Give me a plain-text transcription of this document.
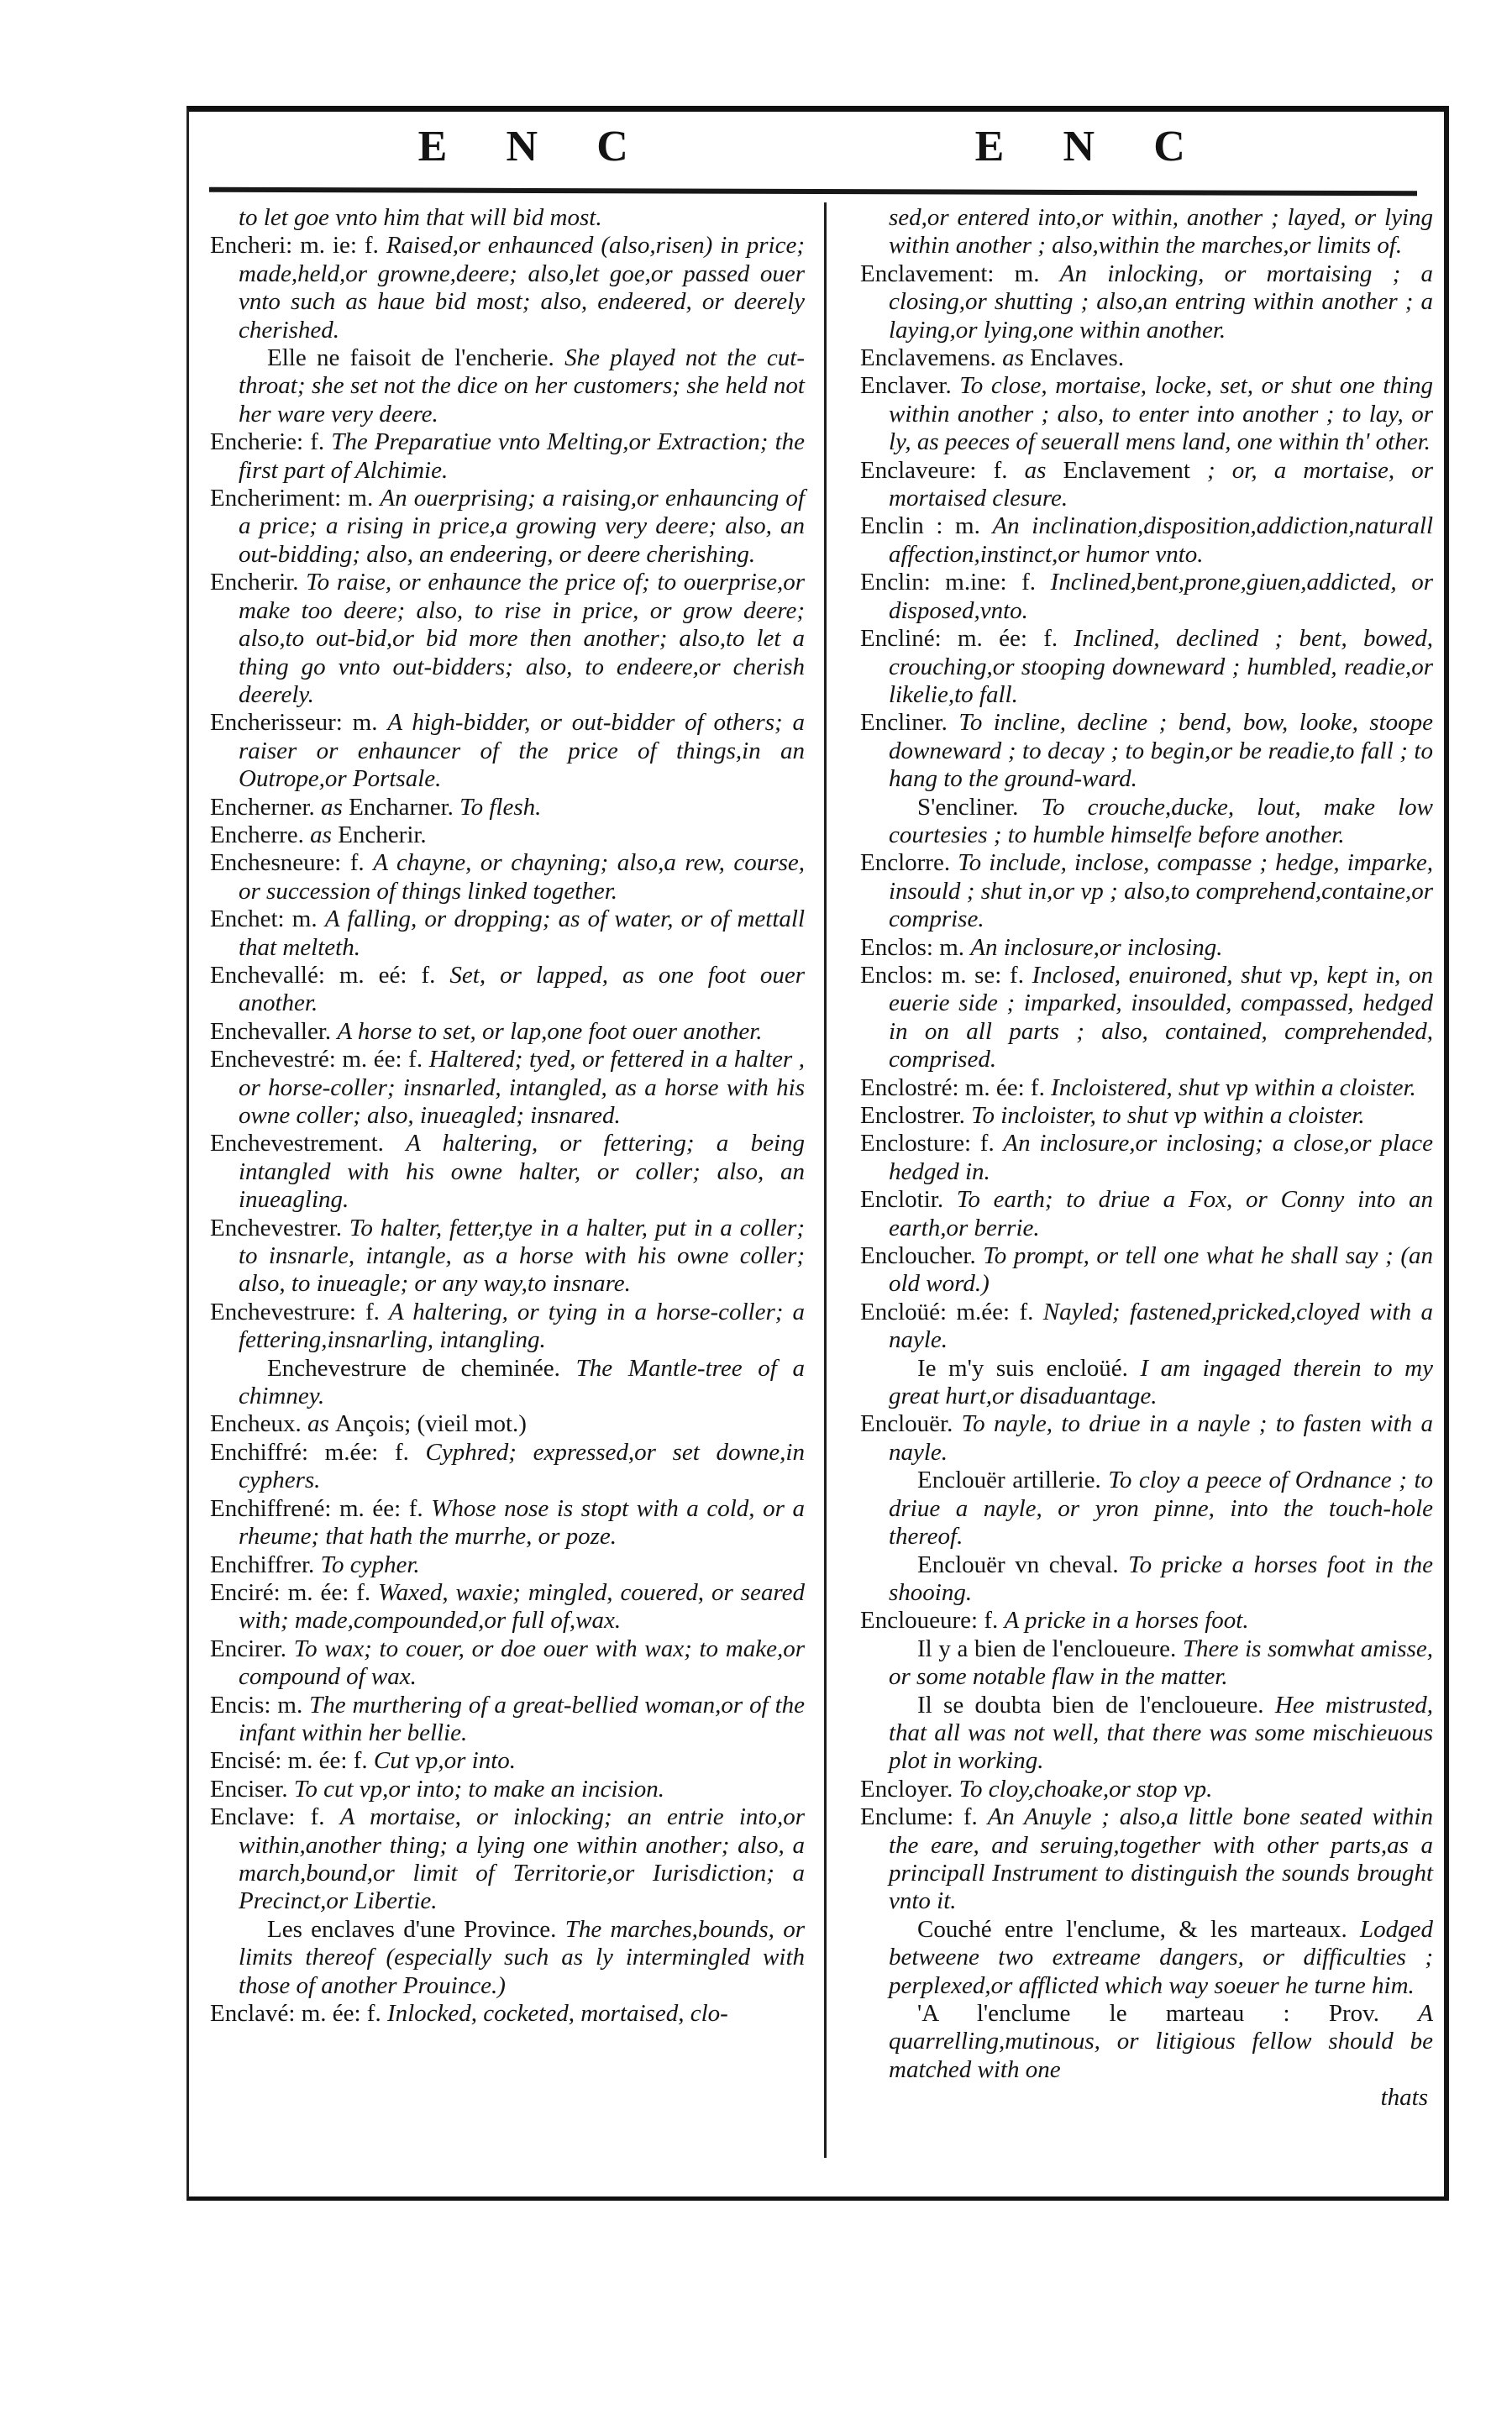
E N C	E N C

to let goe vnto him that will bid most.

Encheri: m. ie: f. Raised,or enhaunced (also,risen) in price; made,held,or growne,deere; also,let goe,or passed ouer vnto such as haue bid most; also, endeered, or deerely cherished.

Elle ne faisoit de l'encherie. She played not the cut-throat; she set not the dice on her customers; she held not her ware very deere.

Encherie: f. The Preparatiue vnto Melting,or Extraction; the first part of Alchimie.

Encheriment: m. An ouerprising; a raising,or enhauncing of a price; a rising in price,a growing very deere; also, an out-bidding; also, an endeering, or deere cherishing.

Encherir. To raise, or enhaunce the price of; to ouerprise,or make too deere; also, to rise in price, or grow deere; also,to out-bid,or bid more then another; also,to let a thing go vnto out-bidders; also, to endeere,or cherish deerely.

Encherisseur: m. A high-bidder, or out-bidder of others; a raiser or enhauncer of the price of things,in an Outrope,or Portsale.

Encherner. as Encharner. To flesh.

Encherre. as Encherir.

Enchesneure: f. A chayne, or chayning; also,a rew, course, or succession of things linked together.

Enchet: m. A falling, or dropping; as of water, or of mettall that melteth.

Enchevallé: m. eé: f. Set, or lapped, as one foot ouer another.

Enchevaller. A horse to set, or lap,one foot ouer another.

Enchevestré: m. ée: f. Haltered; tyed, or fettered in a halter , or horse-coller; insnarled, intangled, as a horse with his owne coller; also, inueagled; insnared.

Enchevestrement. A haltering, or fettering; a being intangled with his owne halter, or coller; also, an inueagling.

Enchevestrer. To halter, fetter,tye in a halter, put in a coller; to insnarle, intangle, as a horse with his owne coller; also, to inueagle; or any way,to insnare.

Enchevestrure: f. A haltering, or tying in a horse-coller; a fettering,insnarling, intangling.

Enchevestrure de cheminée. The Mantle-tree of a chimney.

Encheux. as Ançois; (vieil mot.)

Enchiffré: m.ée: f. Cyphred; expressed,or set downe,in cyphers.

Enchiffrené: m. ée: f. Whose nose is stopt with a cold, or a rheume; that hath the murrhe, or poze.

Enchiffrer. To cypher.

Enciré: m. ée: f. Waxed, waxie; mingled, couered, or seared with; made,compounded,or full of,wax.

Encirer. To wax; to couer, or doe ouer with wax; to make,or compound of wax.

Encis: m. The murthering of a great-bellied woman,or of the infant within her bellie.

Encisé: m. ée: f. Cut vp,or into.

Enciser. To cut vp,or into; to make an incision.

Enclave: f. A mortaise, or inlocking; an entrie into,or within,another thing; a lying one within another; also, a march,bound,or limit of Territorie,or Iurisdiction; a Precinct,or Libertie.

Les enclaves d'une Province. The marches,bounds, or limits thereof (especially such as ly intermingled with those of another Prouince.)

Enclavé: m. ée: f. Inlocked, cocketed, mortaised, clo-

sed,or entered into,or within, another ; layed, or lying within another ; also,within the marches,or limits of.

Enclavement: m. An inlocking, or mortaising ; a closing,or shutting ; also,an entring within another ; a laying,or lying,one within another.

Enclavemens. as Enclaves.

Enclaver. To close, mortaise, locke, set, or shut one thing within another ; also, to enter into another ; to lay, or ly, as peeces of seuerall mens land, one within th' other.

Enclaveure: f. as Enclavement ; or, a mortaise, or mortaised clesure.

Enclin : m. An inclination,disposition,addiction,naturall affection,instinct,or humor vnto.

Enclin: m.ine: f. Inclined,bent,prone,giuen,addicted, or disposed,vnto.

Encliné: m. ée: f. Inclined, declined ; bent, bowed, crouching,or stooping downeward ; humbled, readie,or likelie,to fall.

Encliner. To incline, decline ; bend, bow, looke, stoope downeward ; to decay ; to begin,or be readie,to fall ; to hang to the ground-ward.

S'encliner. To crouche,ducke, lout, make low courtesies ; to humble himselfe before another.

Enclorre. To include, inclose, compasse ; hedge, imparke, insould ; shut in,or vp ; also,to comprehend,containe,or comprise.

Enclos: m. An inclosure,or inclosing.

Enclos: m. se: f. Inclosed, enuironed, shut vp, kept in, on euerie side ; imparked, insoulded, compassed, hedged in on all parts ; also, contained, comprehended, comprised.

Enclostré: m. ée: f. Incloistered, shut vp within a cloister.

Enclostrer. To incloister, to shut vp within a cloister.

Enclosture: f. An inclosure,or inclosing; a close,or place hedged in.

Enclotir. To earth; to driue a Fox, or Conny into an earth,or berrie.

Encloucher. To prompt, or tell one what he shall say ; (an old word.)

Encloüé: m.ée: f. Nayled; fastened,pricked,cloyed with a nayle.

Ie m'y suis encloüé. I am ingaged therein to my great hurt,or disaduantage.

Enclouër. To nayle, to driue in a nayle ; to fasten with a nayle.

Enclouër artillerie. To cloy a peece of Ordnance ; to driue a nayle, or yron pinne, into the touch-hole thereof.

Enclouër vn cheval. To pricke a horses foot in the shooing.

Encloueure: f. A pricke in a horses foot.

Il y a bien de l'encloueure. There is somwhat amisse, or some notable flaw in the matter.

Il se doubta bien de l'encloueure. Hee mistrusted, that all was not well, that there was some mischieuous plot in working.

Encloyer. To cloy,choake,or stop vp.

Enclume: f. An Anuyle ; also,a little bone seated within the eare, and seruing,together with other parts,as a principall Instrument to distinguish the sounds brought vnto it.

Couché entre l'enclume, & les marteaux. Lodged betweene two extreame dangers, or difficulties ; perplexed,or afflicted which way soeuer he turne him.

'A l'enclume le marteau : Prov. A quarrelling,mutinous, or litigious fellow should be matched with one

thats
